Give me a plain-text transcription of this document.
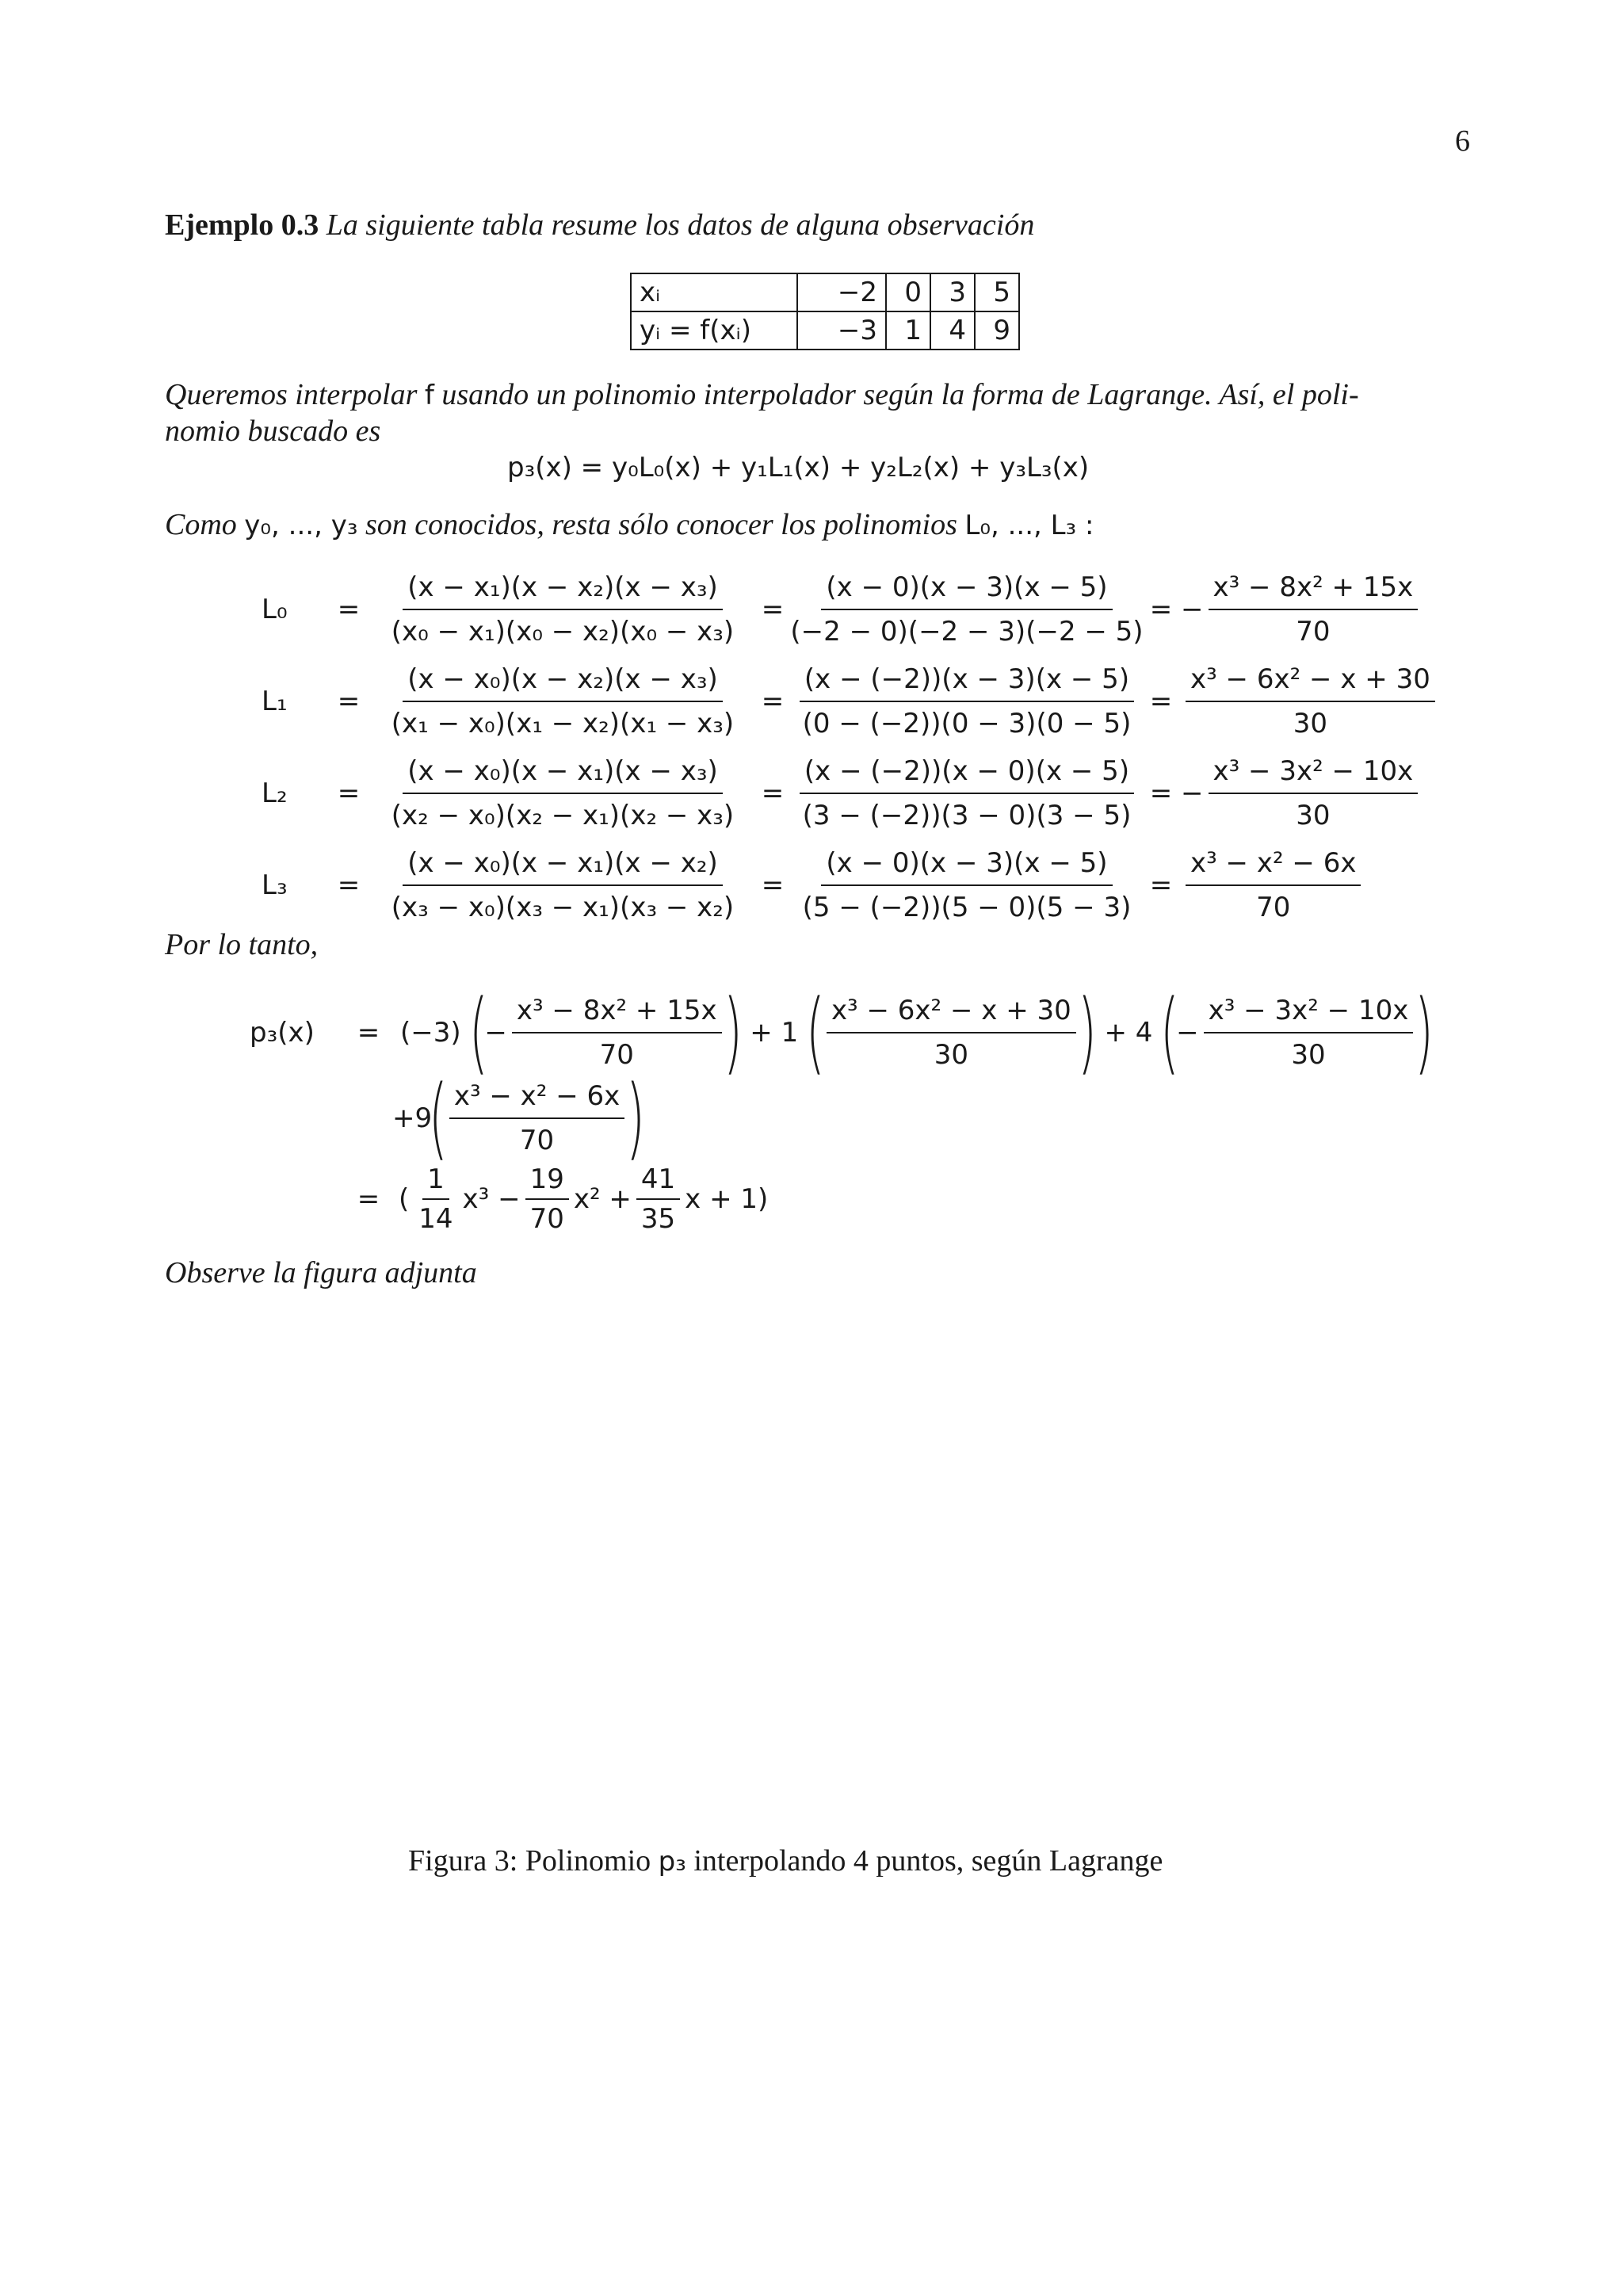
6
Ejemplo 0.3 La siguiente tabla resume los datos de alguna observación
xᵢ	−2	0	3	5
yᵢ = f(xᵢ)	−3	1	4	9
Queremos interpolar f usando un polinomio interpolador según la forma de Lagrange. Así, el poli-
nomio buscado es
p₃(x) = y₀L₀(x) + y₁L₁(x) + y₂L₂(x) + y₃L₃(x)
Como y₀, ..., y₃ son conocidos, resta sólo conocer los polinomios L₀, ..., L₃ :
L₀	= $\frac{\text{(x − x₁)(x − x₂)(x − x₃)}}{\text{(x₀ − x₁)(x₀ − x₂)(x₀ − x₃)}} = \frac{(x - 0)(x - 3)(x - 5)}{(-2 - 0)(-2 - 3)(-2 - 5)}$ = − $\frac{\text{x³ − 8x² + 15x}}{70}$
L₁	= $\frac{\text{(x − x₀)(x − x₂)(x − x₃)}}{\text{(x₁ − x₀)(x₁ − x₂)(x₁ − x₃)}} = \frac{(x - (-2))(x - 3)(x - 5)}{(0 - (-2))(0 - 3)(0 - 5)} = \frac{\text{x³ − 6x² − x + 30}}{30}$
L₂	= $\frac{\text{(x − x₀)(x − x₁)(x − x₃)}}{\text{(x₂ − x₀)(x₂ − x₁)(x₂ − x₃)}} = \frac{(x - (-2))(x - 0)(x - 5)}{(3 - (-2))(3 - 0)(3 - 5)}$ = − $\frac{\text{x³ − 3x² − 10x}}{30}$
L₃	= $\frac{\text{(x − x₀)(x − x₁)(x − x₂)}}{\text{(x₃ − x₀)(x₃ − x₁)(x₃ − x₂)}} = \frac{(x - 0)(x - 3)(x - 5)}{(5 - (-2))(5 - 0)(5 - 3)} = \frac{\text{x³ − x² − 6x}}{70}$
Por lo tanto,
p₃(x)	= (−3) (
− $\frac{\text{x³ − 8x² + 15x}}{70}$ ) + 1 ( $\frac{\text{x³ − 6x² − x + 30}}{30}$ ) + 4 (
− $\frac{\text{x³ − 3x² − 10x}}{30}$ )
+9
( $\frac{\text{x³ − x² − 6x}}{70}$ )
= ( $\frac{1}{14} x^3 - \frac{19}{70} x^2 + \frac{41}{35}$ x + 1)
Observe la figura adjunta
Figura 3: Polinomio p₃ interpolando 4 puntos, según Lagrange
